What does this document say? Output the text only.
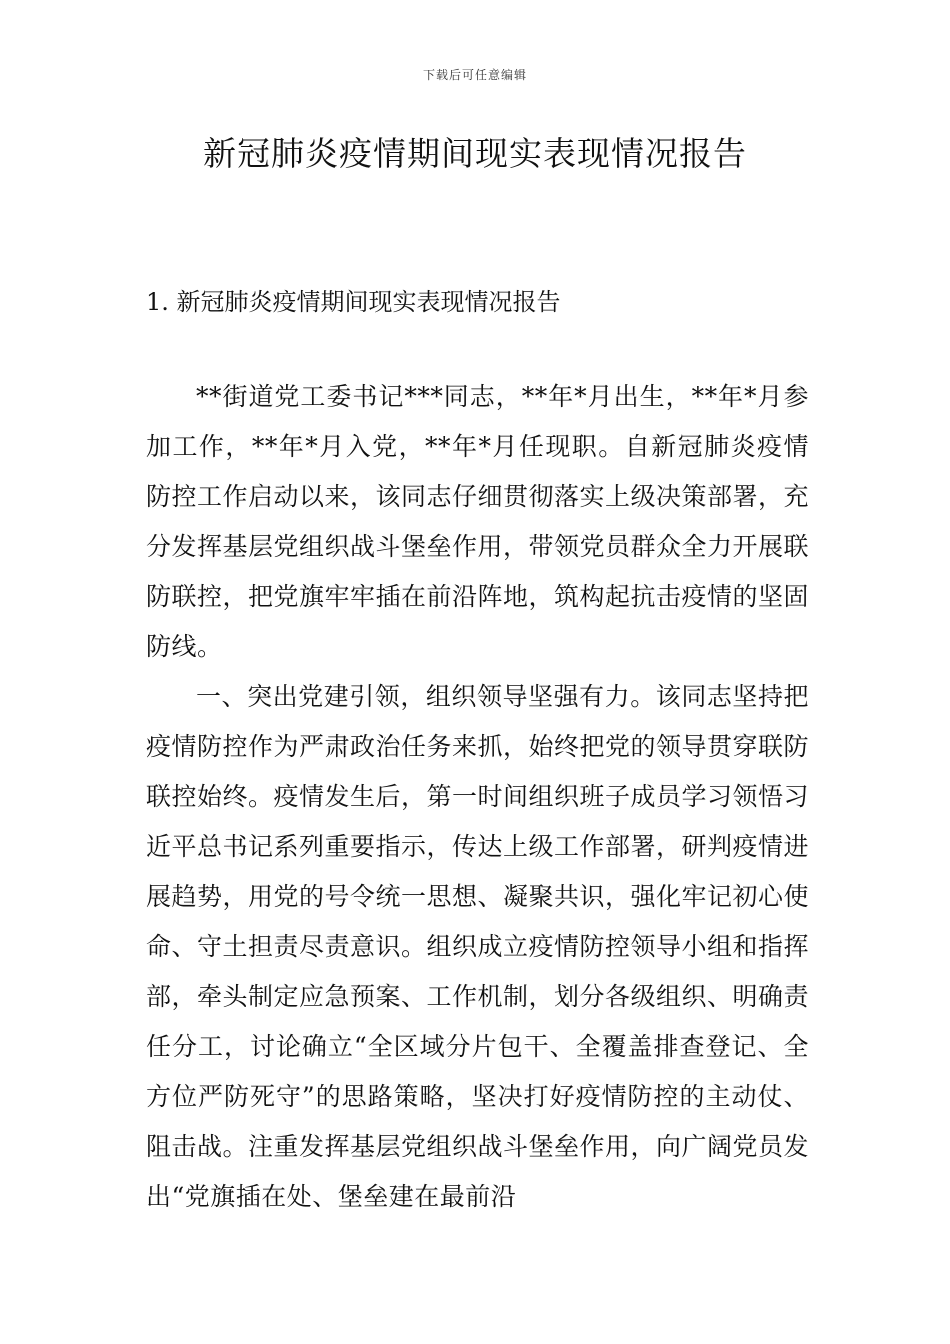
下载后可任意编辑
新冠肺炎疫情期间现实表现情况报告
1. 新冠肺炎疫情期间现实表现情况报告

**街道党工委书记***同志，**年*月出生，**年*月参加工作，**年*月入党，**年*月任现职。自新冠肺炎疫情防控工作启动以来，该同志仔细贯彻落实上级决策部署，充分发挥基层党组织战斗堡垒作用，带领党员群众全力开展联防联控，把党旗牢牢插在前沿阵地，筑构起抗击疫情的坚固防线。

一、突出党建引领，组织领导坚强有力。该同志坚持把疫情防控作为严肃政治任务来抓，始终把党的领导贯穿联防联控始终。疫情发生后，第一时间组织班子成员学习领悟习近平总书记系列重要指示，传达上级工作部署，研判疫情进展趋势，用党的号令统一思想、凝聚共识，强化牢记初心使命、守土担责尽责意识。组织成立疫情防控领导小组和指挥部，牵头制定应急预案、工作机制，划分各级组织、明确责任分工，讨论确立“全区域分片包干、全覆盖排查登记、全方位严防死守”的思路策略，坚决打好疫情防控的主动仗、阻击战。注重发挥基层党组织战斗堡垒作用，向广阔党员发出“党旗插在处、堡垒建在最前沿
